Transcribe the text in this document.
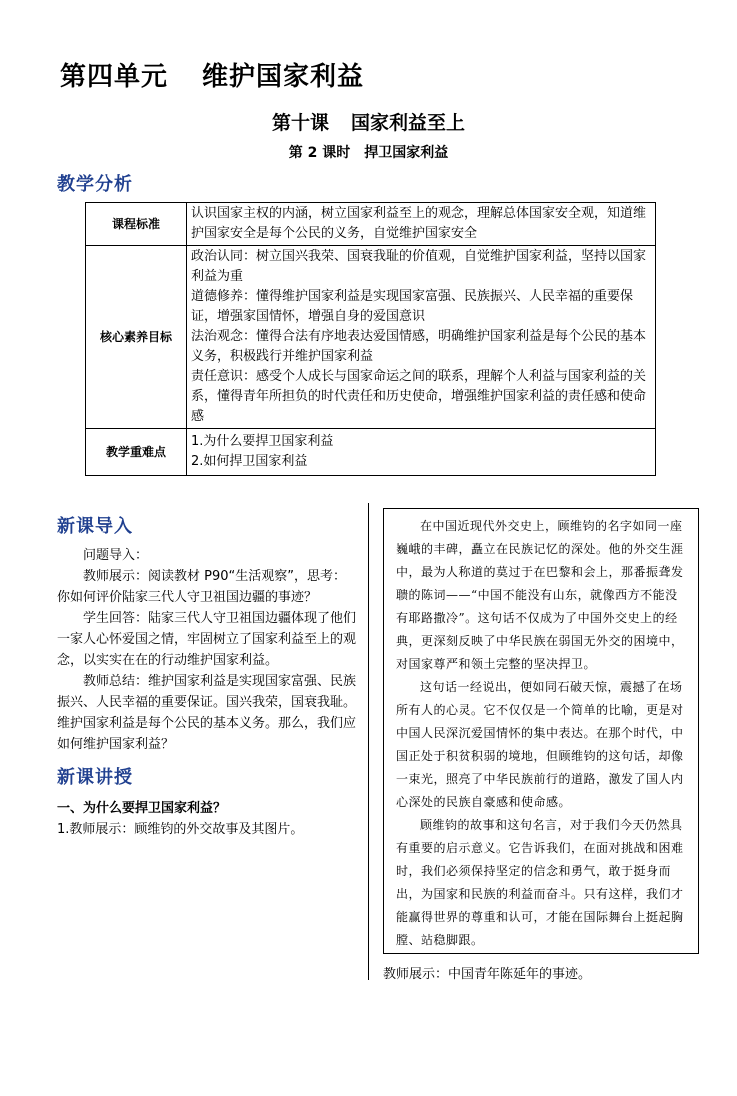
第四单元 维护国家利益
第十课 国家利益至上
第 2 课时 捍卫国家利益
教学分析
课程标准	认识国家主权的内涵，树立国家利益至上的观念，理解总体国家安全观，知道维护国家安全是每个公民的义务，自觉维护国家安全

核心素养目标	政治认同：树立国兴我荣、国衰我耻的价值观，自觉维护国家利益，坚持以国家利益为重
道德修养：懂得维护国家利益是实现国家富强、民族振兴、人民幸福的重要保证，增强家国情怀，增强自身的爱国意识
法治观念：懂得合法有序地表达爱国情感，明确维护国家利益是每个公民的基本义务，积极践行并维护国家利益
责任意识：感受个人成长与国家命运之间的联系，理解个人利益与国家利益的关系，懂得青年所担负的时代责任和历史使命，增强维护国家利益的责任感和使命感

教学重难点	1.为什么要捍卫国家利益
2.如何捍卫国家利益
新课导入

问题导入：

教师展示：阅读教材 P90“生活观察”，思考：你如何评价陆家三代人守卫祖国边疆的事迹？

学生回答：陆家三代人守卫祖国边疆体现了他们一家人心怀爱国之情，牢固树立了国家利益至上的观念，以实实在在的行动维护国家利益。

教师总结：维护国家利益是实现国家富强、民族振兴、人民幸福的重要保证。国兴我荣，国衰我耻。维护国家利益是每个公民的基本义务。那么，我们应如何维护国家利益？

新课讲授
一、为什么要捍卫国家利益？
1.教师展示：顾维钧的外交故事及其图片。

在中国近现代外交史上，顾维钧的名字如同一座巍峨的丰碑，矗立在民族记忆的深处。他的外交生涯中，最为人称道的莫过于在巴黎和会上，那番振聋发聩的陈词——“中国不能没有山东，就像西方不能没有耶路撒冷”。这句话不仅成为了中国外交史上的经典，更深刻反映了中华民族在弱国无外交的困境中，对国家尊严和领土完整的坚决捍卫。

这句话一经说出，便如同石破天惊，震撼了在场所有人的心灵。它不仅仅是一个简单的比喻，更是对中国人民深沉爱国情怀的集中表达。在那个时代，中国正处于积贫积弱的境地，但顾维钧的这句话，却像一束光，照亮了中华民族前行的道路，激发了国人内心深处的民族自豪感和使命感。

顾维钧的故事和这句名言，对于我们今天仍然具有重要的启示意义。它告诉我们，在面对挑战和困难时，我们必须保持坚定的信念和勇气，敢于挺身而出，为国家和民族的利益而奋斗。只有这样，我们才能赢得世界的尊重和认可，才能在国际舞台上挺起胸膛、站稳脚跟。

教师展示：中国青年陈延年的事迹。
